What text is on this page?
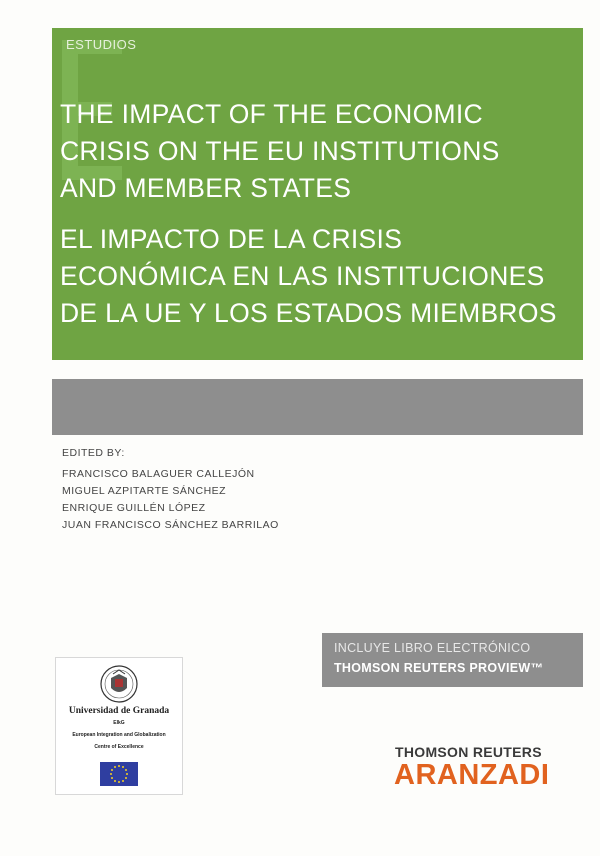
ESTUDIOS
THE IMPACT OF THE ECONOMIC
CRISIS ON THE EU INSTITUTIONS
AND MEMBER STATES
EL IMPACTO DE LA CRISIS
ECONÓMICA EN LAS INSTITUCIONES
DE LA UE Y LOS ESTADOS MIEMBROS
EDITED BY:
FRANCISCO BALAGUER CALLEJÓN
MIGUEL AZPITARTE SÁNCHEZ
ENRIQUE GUILLÉN LÓPEZ
JUAN FRANCISCO SÁNCHEZ BARRILAO
INCLUYE LIBRO ELECTRÓNICO
THOMSON REUTERS PROVIEW™
Universidad de Granada
EIkG
European Integration and Globalization
Centre of Excellence	THOMSON REUTERS
ARANZADI
